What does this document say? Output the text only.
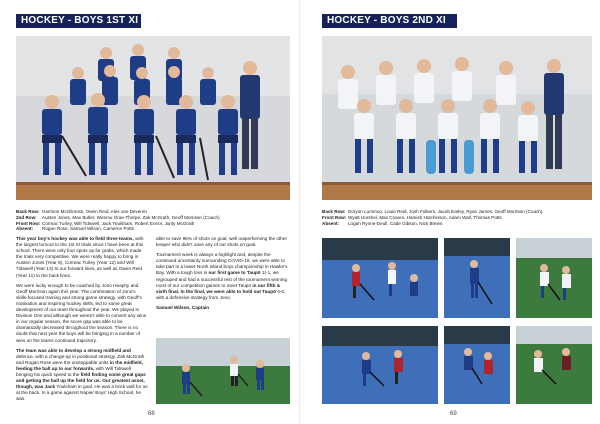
HOCKEY - BOYS 1ST XI
Back Row: Harrison McGlinniss, Owen Reid, Alex van Deveren
2nd Row:	Austen Jones, Max Butler, Wiremu Grae-Thorpe, Zak McGrath, Geoff Morrison (Coach)
Front Row: Cormac Turley, Will Tidswell, Jack Youlsham, Robert Ennor, Jonty McGrath
Absent:	Rogan Rose, Samuel Wilson, Cameron Potts

This year boy's hockey was able to field three teams, with the largest turnout to the 1st XI trials since I have been at this school. There were only four spots up for grabs, which made the trials very competitive. We were really happy to bring in Austen Jones (Year 9), Cormac Turley (Year 12) and Will Tidswell (Year 13) to our forward lines, as well as Owen Reid (Year 11) to the back lines.

We were lucky enough to be coached by Jono Heaphy and Geoff Morrison again this year. The combination of Jono's skills-focused training and strong game strategy, with Geoff's motivation and inspiring hockey skills, led to some great development of our team throughout the year. We played in Division One and although we weren't able to convert any wins in our regular season, the score gap was able to be dramatically decreased throughout the season. There is no doubt that next year the boys will be bringing in a number of wins on the teams continued trajectory.

The team was able to develop a strong midfield and defence, with a change-up in positional strategy. Zak McGrath and Rogan Rose were the unstoppable units in the midfield, feeding the ball up to our forwards, with Will Tidswell bringing his quick speed to the field finding some great gaps and getting the ball up the field for us. Our greatest asset, though, was Jack Youlsham in goal. He was a brick wall for us at the back. In a game against Napier Boys' High School, he was

able to save 95% of shots on goal, well outperforming the other keeper who didn't save any of our shots on goal.

Tournament week is always a highlight and, despite the continued uncertainty surrounding COVID-19, we were able to take part in a lower North Island boys championship in Hawke's Bay. With a tough loss in our first game to Taupō 1(-1, we regrouped and had a successful rest of the tournament winning most of our competition games to meet Taupō in our fifth & sixth final. In the final, we were able to hold out Taupō 4-0, with a defensive strategy from Jono.

Samuel Wilson, Captain

68
HOCKEY - BOYS 2ND XI
Back Row: Doryon Lummoo, Louie Reid, Josh Folkers, Jacob Earley, Ryan James, Geoff Morrison (Coach)
Front Row: Wyatt Horshel, Max Craven, Hamish Hutchinson, Adam Wall, Thomas Potts
Absent:	Logan Rynne-Deull, Cade Gibson, Nick Brewn
69
